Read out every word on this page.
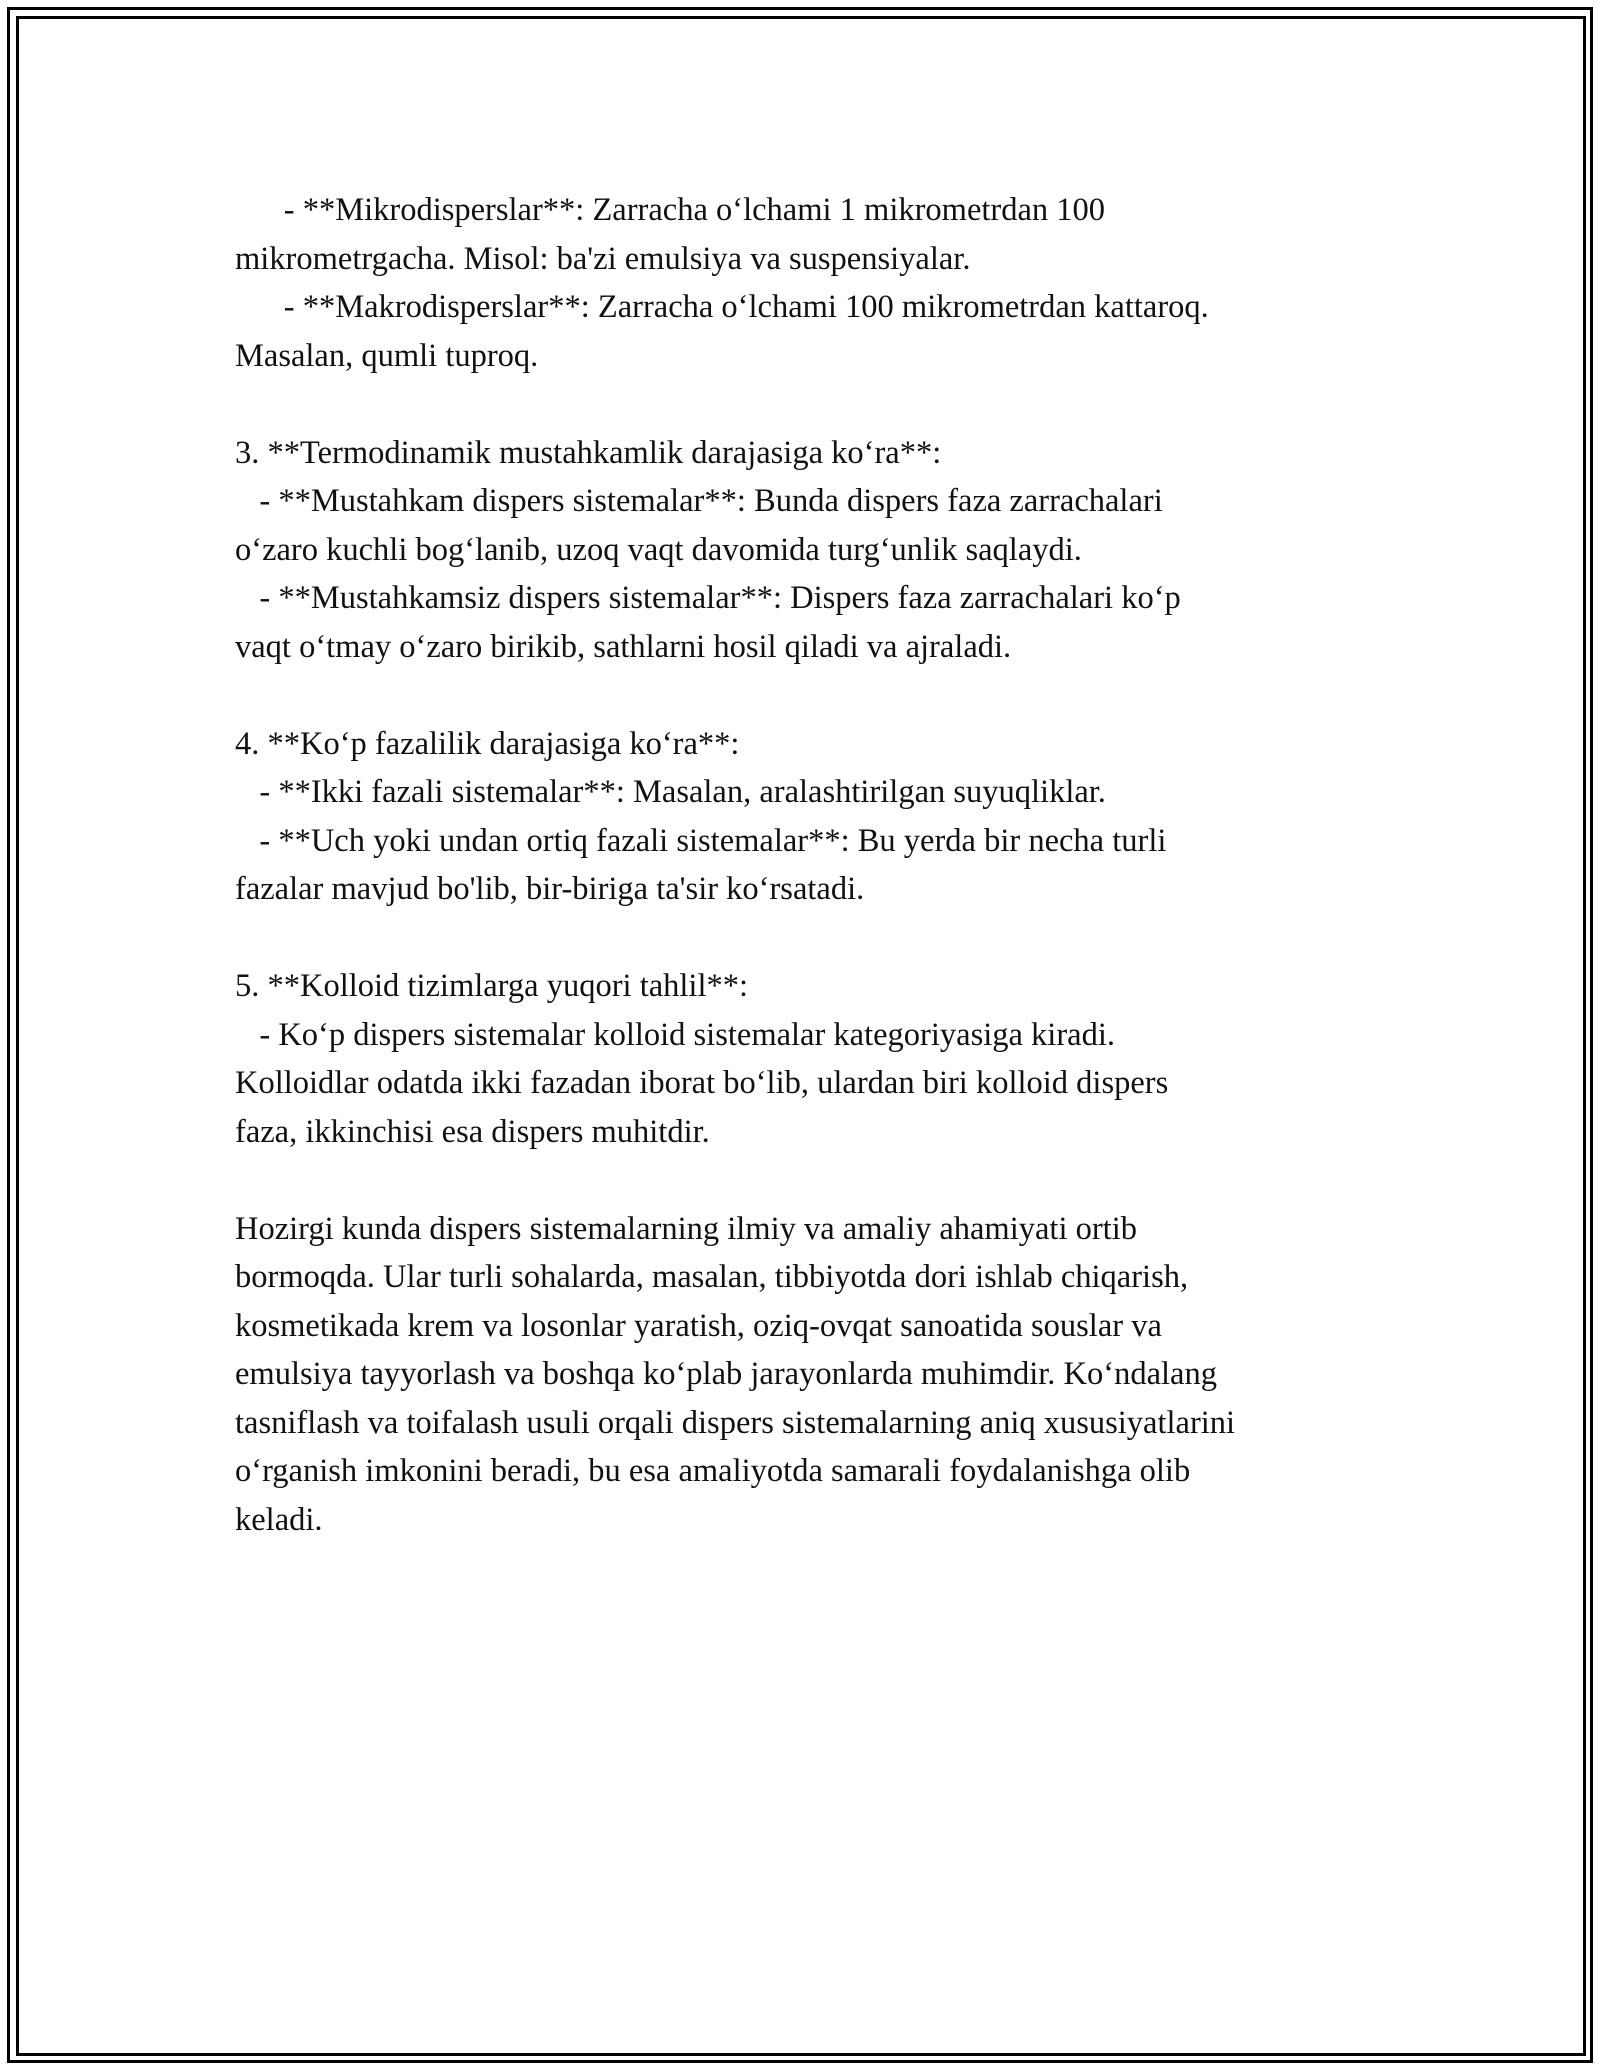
- **Mikrodisperslar**: Zarracha o‘lchami 1 mikrometrdan 100
mikrometrgacha. Misol: ba'zi emulsiya va suspensiyalar.
- **Makrodisperslar**: Zarracha o‘lchami 100 mikrometrdan kattaroq.
Masalan, qumli tuproq.
3. **Termodinamik mustahkamlik darajasiga ko‘ra**:
- **Mustahkam dispers sistemalar**: Bunda dispers faza zarrachalari
o‘zaro kuchli bog‘lanib, uzoq vaqt davomida turg‘unlik saqlaydi.
- **Mustahkamsiz dispers sistemalar**: Dispers faza zarrachalari ko‘p
vaqt o‘tmay o‘zaro birikib, sathlarni hosil qiladi va ajraladi.
4. **Ko‘p fazalilik darajasiga ko‘ra**:
- **Ikki fazali sistemalar**: Masalan, aralashtirilgan suyuqliklar.
- **Uch yoki undan ortiq fazali sistemalar**: Bu yerda bir necha turli
fazalar mavjud bo'lib, bir-biriga ta'sir ko‘rsatadi.
5. **Kolloid tizimlarga yuqori tahlil**:
- Ko‘p dispers sistemalar kolloid sistemalar kategoriyasiga kiradi.
Kolloidlar odatda ikki fazadan iborat bo‘lib, ulardan biri kolloid dispers
faza, ikkinchisi esa dispers muhitdir.
Hozirgi kunda dispers sistemalarning ilmiy va amaliy ahamiyati ortib
bormoqda. Ular turli sohalarda, masalan, tibbiyotda dori ishlab chiqarish,
kosmetikada krem va losonlar yaratish, oziq-ovqat sanoatida souslar va
emulsiya tayyorlash va boshqa ko‘plab jarayonlarda muhimdir. Ko‘ndalang
tasniflash va toifalash usuli orqali dispers sistemalarning aniq xususiyatlarini
o‘rganish imkonini beradi, bu esa amaliyotda samarali foydalanishga olib
keladi.
